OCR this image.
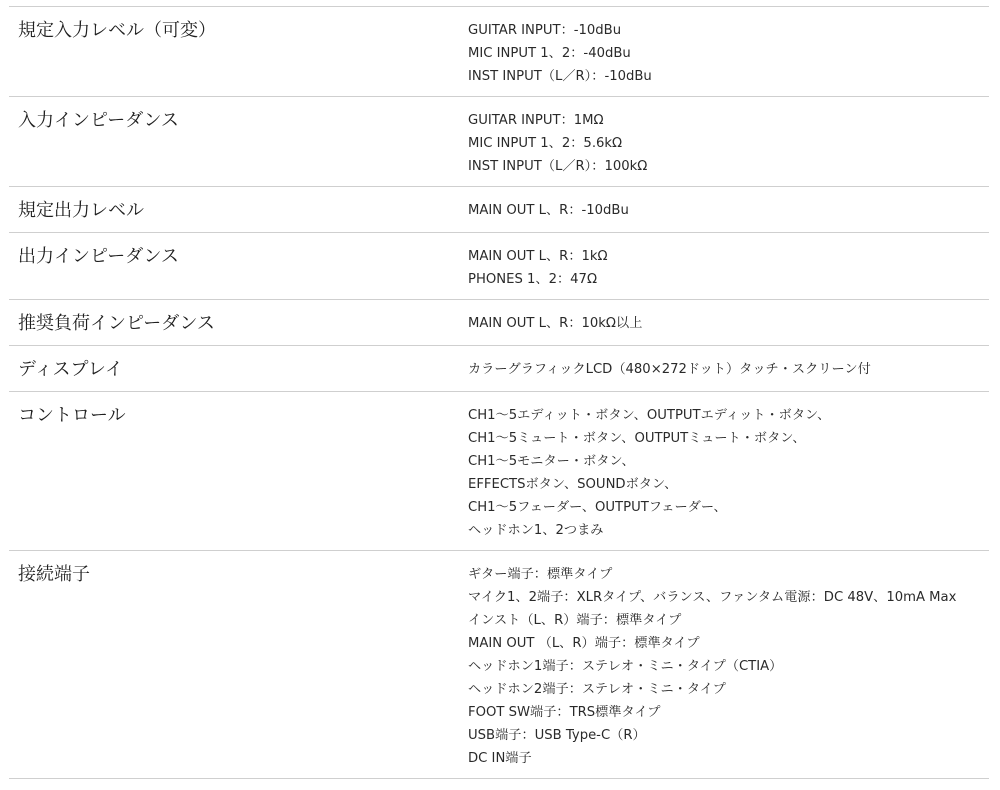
規定入力レベル（可変）	GUITAR INPUT：-10dBu
MIC INPUT 1、2：-40dBu
INST INPUT（L／R）：-10dBu
入力インピーダンス	GUITAR INPUT：1MΩ
MIC INPUT 1、2：5.6kΩ
INST INPUT（L／R）：100kΩ
規定出力レベル	MAIN OUT L、R：-10dBu
出力インピーダンス	MAIN OUT L、R：1kΩ
PHONES 1、2：47Ω
推奨負荷インピーダンス	MAIN OUT L、R：10kΩ以上
ディスプレイ	カラーグラフィックLCD（480×272ドット）タッチ・スクリーン付
コントロール	CH1〜5エディット・ボタン、OUTPUTエディット・ボタン、
CH1〜5ミュート・ボタン、OUTPUTミュート・ボタン、
CH1〜5モニター・ボタン、
EFFECTSボタン、SOUNDボタン、
CH1〜5フェーダー、OUTPUTフェーダー、
ヘッドホン1、2つまみ
接続端子	ギター端子：標準タイプ
マイク1、2端子：XLRタイプ、バランス、ファンタム電源：DC 48V、10mA Max
インスト（L、R）端子：標準タイプ
MAIN OUT （L、R）端子：標準タイプ
ヘッドホン1端子：ステレオ・ミニ・タイプ（CTIA）
ヘッドホン2端子：ステレオ・ミニ・タイプ
FOOT SW端子：TRS標準タイプ
USB端子：USB Type-C（R）
DC IN端子
